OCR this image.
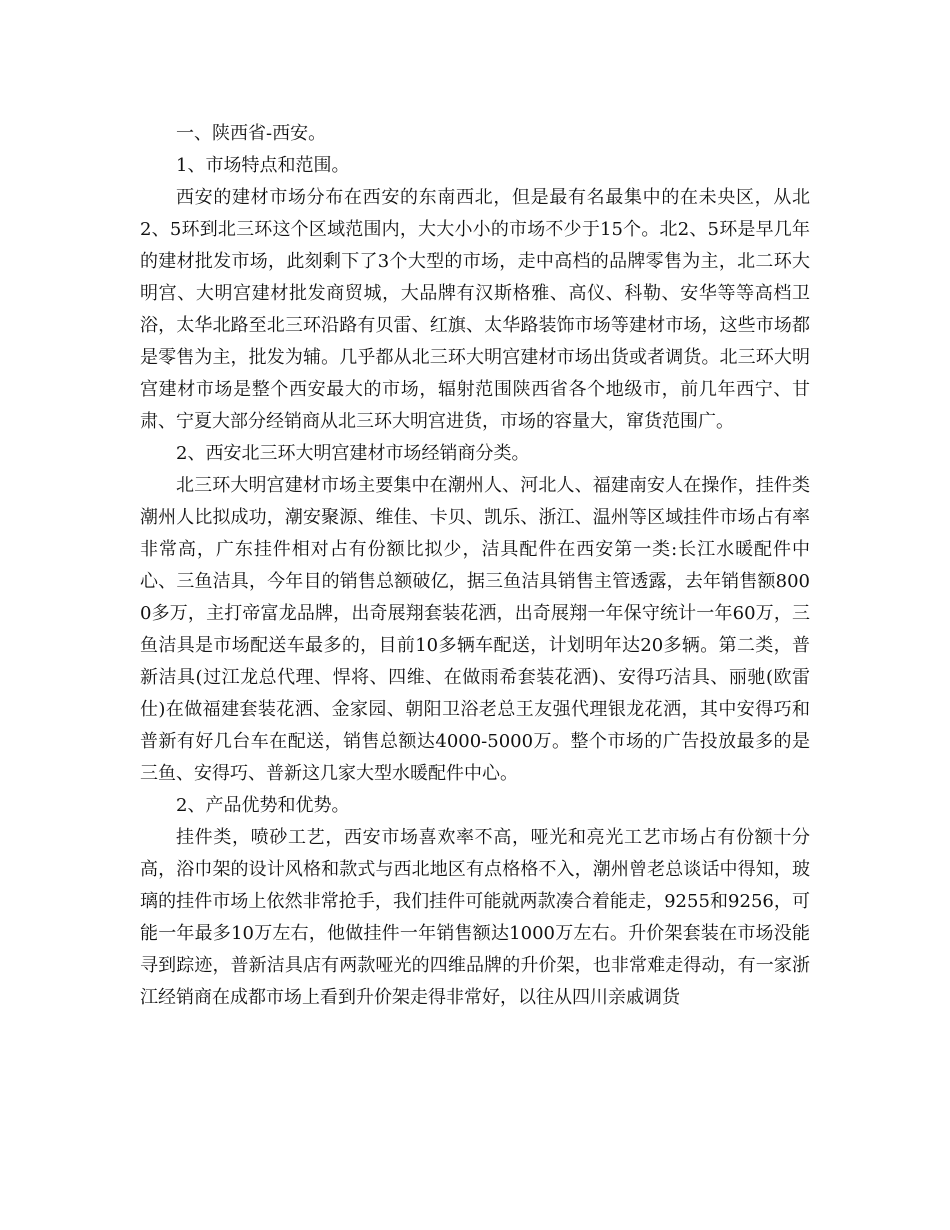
一、陕西省-西安。

1、市场特点和范围。

西安的建材市场分布在西安的东南西北，但是最有名最集中的在未央区，从北2、5环到北三环这个区域范围内，大大小小的市场不少于15个。北2、5环是早几年的建材批发市场，此刻剩下了3个大型的市场，走中高档的品牌零售为主，北二环大明宫、大明宫建材批发商贸城，大品牌有汉斯格雅、高仪、科勒、安华等等高档卫浴，太华北路至北三环沿路有贝雷、红旗、太华路装饰市场等建材市场，这些市场都是零售为主，批发为辅。几乎都从北三环大明宫建材市场出货或者调货。北三环大明宫建材市场是整个西安最大的市场，辐射范围陕西省各个地级市，前几年西宁、甘肃、宁夏大部分经销商从北三环大明宫进货，市场的容量大，窜货范围广。

2、西安北三环大明宫建材市场经销商分类。

北三环大明宫建材市场主要集中在潮州人、河北人、福建南安人在操作，挂件类潮州人比拟成功，潮安聚源、维佳、卡贝、凯乐、浙江、温州等区域挂件市场占有率非常高，广东挂件相对占有份额比拟少，洁具配件在西安第一类:长江水暖配件中心、三鱼洁具，今年目的销售总额破亿，据三鱼洁具销售主管透露，去年销售额8000多万，主打帝富龙品牌，出奇展翔套装花洒，出奇展翔一年保守统计一年60万，三鱼洁具是市场配送车最多的，目前10多辆车配送，计划明年达20多辆。第二类，普新洁具(过江龙总代理、悍将、四维、在做雨希套装花洒)、安得巧洁具、丽驰(欧雷仕)在做福建套装花洒、金家园、朝阳卫浴老总王友强代理银龙花洒，其中安得巧和普新有好几台车在配送，销售总额达4000-5000万。整个市场的广告投放最多的是三鱼、安得巧、普新这几家大型水暖配件中心。

2、产品优势和优势。

挂件类，喷砂工艺，西安市场喜欢率不高，哑光和亮光工艺市场占有份额十分高，浴巾架的设计风格和款式与西北地区有点格格不入，潮州曾老总谈话中得知，玻璃的挂件市场上依然非常抢手，我们挂件可能就两款凑合着能走，9255和9256，可能一年最多10万左右，他做挂件一年销售额达1000万左右。升价架套装在市场没能寻到踪迹，普新洁具店有两款哑光的四维品牌的升价架，也非常难走得动，有一家浙江经销商在成都市场上看到升价架走得非常好，以往从四川亲戚调货
